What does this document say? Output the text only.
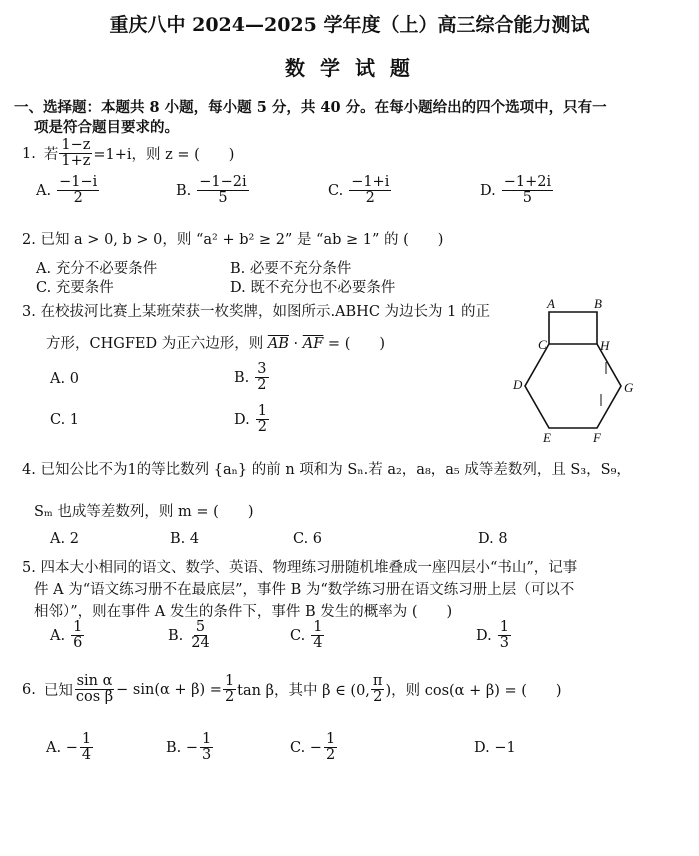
重庆八中 2024—2025 学年度（上）高三综合能力测试
数 学 试 题
一、选择题：本题共 8 小题，每小题 5 分，共 40 分。在每小题给出的四个选项中，只有一
项是符合题目要求的。
1. 若 $\frac{1-z}{1+z} =1+i$，则 z = (　　)
A. $\frac{-1-i}{2}$	B. $\frac{-1-2i}{5}$	C. $\frac{-1+i}{2}$	D. $\frac{-1+2i}{5}$
2. 已知 a > 0, b > 0，则 “a² + b² ≥ 2” 是 “ab ≥ 1” 的 (　　)
A. 充分不必要条件	B. 必要不充分条件
C. 充要条件	D. 既不充分也不必要条件
3. 在校拔河比赛上某班荣获一枚奖牌，如图所示.ABHC 为边长为 1 的正
方形，CHGFED 为正六边形，则 $\overline{AB} \cdot \overline{AF}$ = (　　)
A. 0	B. $\frac{3}{2}$
C. 1	D. $\frac{1}{2}$
A	B
C	H
D	G
E	F
4. 已知公比不为1的等比数列 {aₙ} 的前 n 项和为 Sₙ.若 a₂，a₈，a₅ 成等差数列，且 S₃，S₉，
Sₘ 也成等差数列，则 m = (　　)
A. 2	B. 4	C. 6	D. 8
5. 四本大小相同的语文、数学、英语、物理练习册随机堆叠成一座四层小“书山”，记事
件 A 为“语文练习册不在最底层”，事件 B 为“数学练习册在语文练习册上层（可以不
相邻）”，则在事件 A 发生的条件下，事件 B 发生的概率为 (　　)
A. $\frac{1}{6}$	B. $\frac{5}{24}$	C. $\frac{1}{4}$	D. $\frac{1}{3}$
6. 已知 $\frac{\text{sin α}}{\text{cos β}} - \sin(\alpha + \beta) = \frac{1}{2}$ tan β，其中 β ∈ (0, $\frac{\pi}{2}$ )，则 cos(α + β) = (　　)
A. − $\frac{1}{4}$	B. − $\frac{1}{3}$	C. − $\frac{1}{2}$	D. −1
